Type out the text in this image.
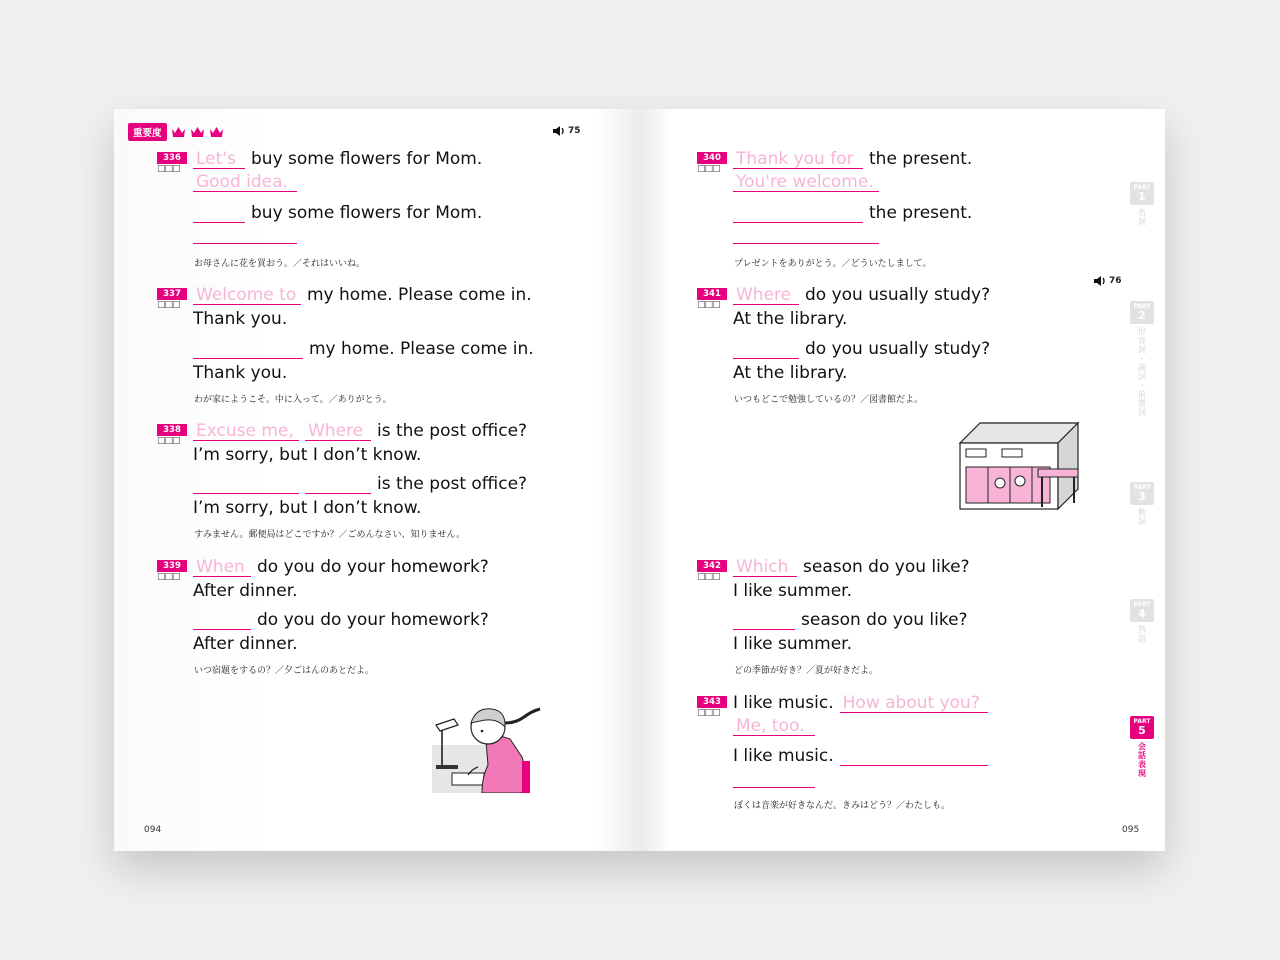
重要度	75
336
□□□ Let's buy some flowers for Mom.
Good idea.
buy some flowers for Mom.
お母さんに花を買おう。／それはいいね。
337
□□□ Welcome to my home. Please come in.
Thank you.
my home. Please come in.
Thank you.
わが家にようこそ。中に入って。／ありがとう。
338
□□□ Excuse me, Where is the post office?
I’m sorry, but I don’t know.
is the post office?
I’m sorry, but I don’t know.
すみません。郵便局はどこですか？／ごめんなさい、知りません。
339
□□□ When do you do your homework?
After dinner.
do you do your homework?
After dinner.
いつ宿題をするの？／夕ごはんのあとだよ。
094
340
□□□ Thank you for the present.
You're welcome.
the present.
プレゼントをありがとう。／どういたしまして。
76
341
□□□ Where do you usually study?
At the library.
do you usually study?
At the library.
いつもどこで勉強しているの？／図書館だよ。
342
□□□ Which season do you like?
I like summer.
season do you like?
I like summer.
どの季節が好き？／夏が好きだよ。
343
□□□ I like music. How about you?
Me, too.
I like music.
ぼくは音楽が好きなんだ。きみはどう？／わたしも。
PART
1
名詞
PART
2
形容詞・副詞・前置詞
PART
3
動詞
PART
4
熟語
PART
5
会話表現
095
